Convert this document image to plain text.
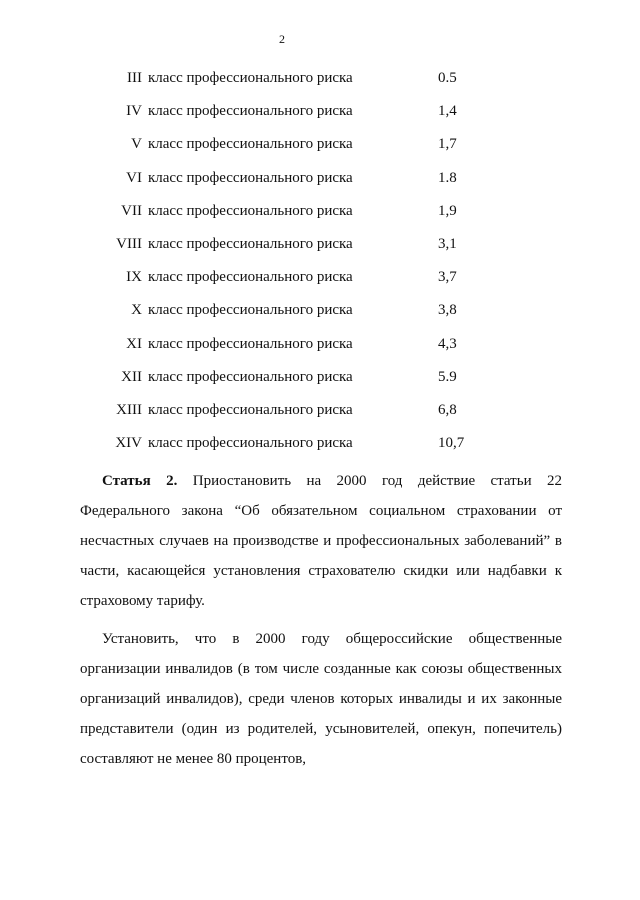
2
III класс профессионального риска	0.5
IV класс профессионального риска	1,4
V класс профессионального риска	1,7
VI класс профессионального риска	1.8
VII класс профессионального риска	1,9
VIII класс профессионального риска	3,1
IX класс профессионального риска	3,7
X класс профессионального риска	3,8
XI класс профессионального риска	4,3
XII класс профессионального риска	5.9
XIII класс профессионального риска	6,8
XIV класс профессионального риска	10,7

Статья 2. Приостановить на 2000 год действие статьи 22 Федерального закона “Об обязательном социальном страховании от несчастных случаев на производстве и профессиональных заболеваний” в части, касающейся установления страхователю скидки или надбавки к страховому тарифу.

Установить, что в 2000 году общероссийские общественные организации инвалидов (в том числе созданные как союзы общественных организаций инвалидов), среди членов которых инвалиды и их законные представители (один из родителей, усыновителей, опекун, попечитель) составляют не менее 80 процентов,
